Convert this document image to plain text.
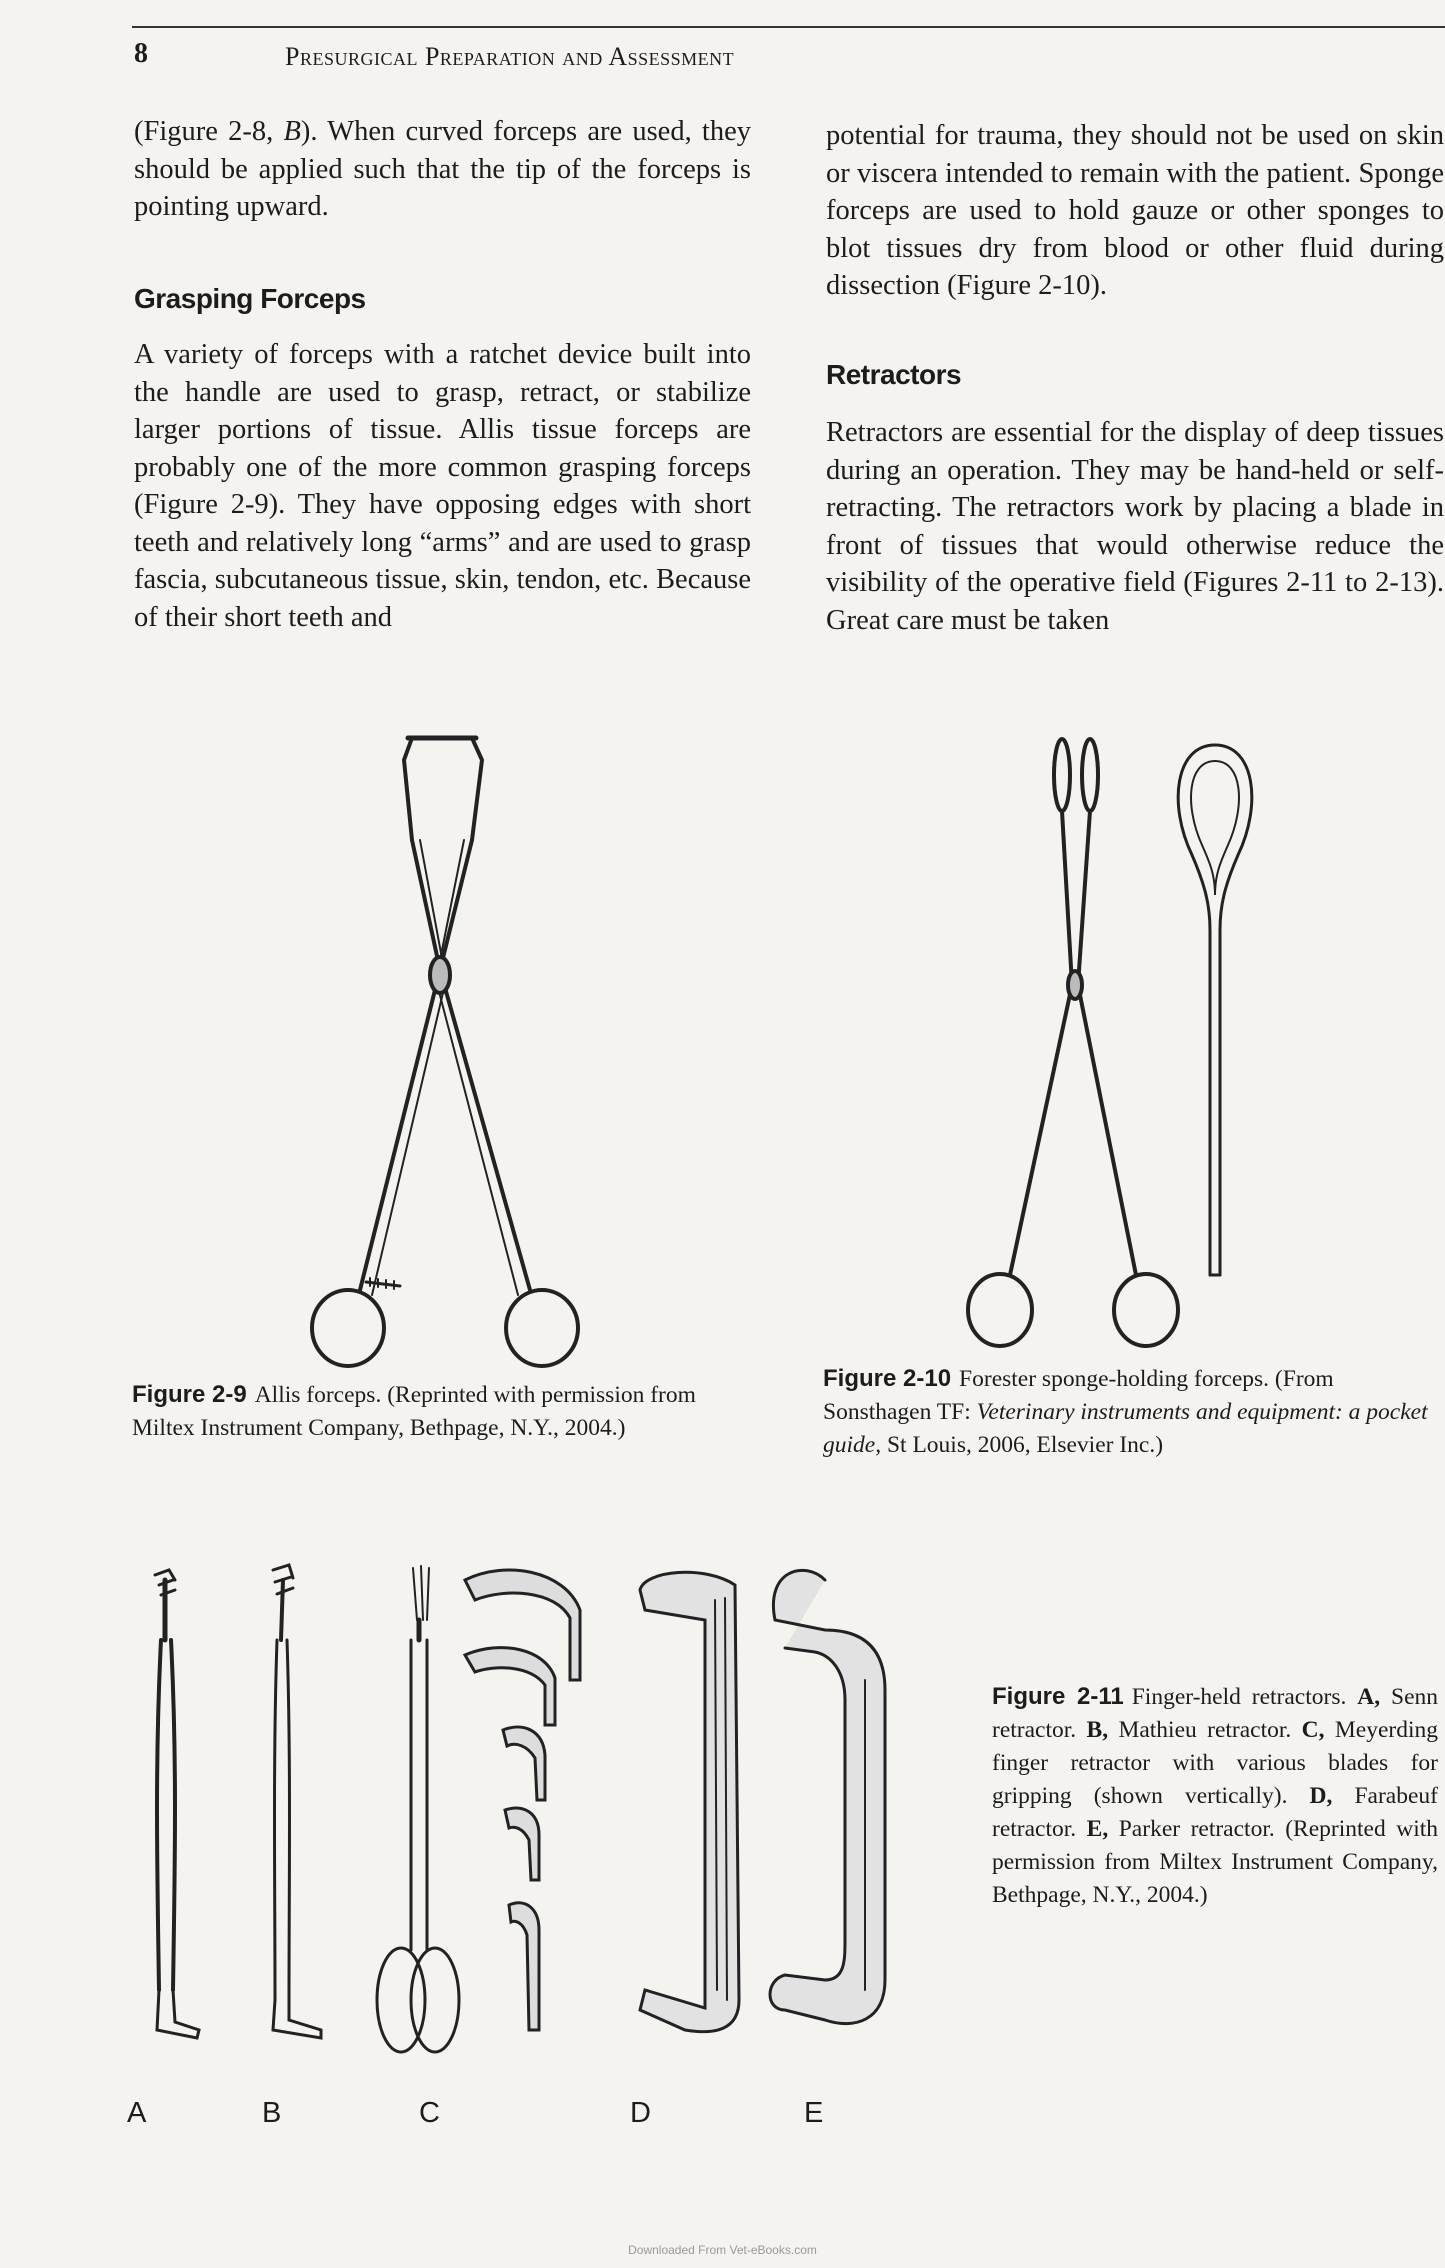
8	Presurgical Preparation and Assessment

(Figure 2-8, B). When curved forceps are used, they should be applied such that the tip of the forceps is pointing upward.

Grasping Forceps

A variety of forceps with a ratchet device built into the handle are used to grasp, retract, or stabilize larger portions of tissue. Allis tissue forceps are probably one of the more common grasping forceps (Figure 2-9). They have opposing edges with short teeth and relatively long “arms” and are used to grasp fascia, subcutaneous tissue, skin, tendon, etc. Because of their short teeth and

potential for trauma, they should not be used on skin or viscera intended to remain with the patient. Sponge forceps are used to hold gauze or other sponges to blot tissues dry from blood or other fluid during dissection (Figure 2-10).

Retractors

Retractors are essential for the display of deep tissues during an operation. They may be hand-held or self-retracting. The retractors work by placing a blade in front of tissues that would otherwise reduce the visibility of the operative field (Figures 2-11 to 2-13). Great care must be taken

Figure 2-9 Allis forceps. (Reprinted with permission from Miltex Instrument Company, Bethpage, N.Y., 2004.)
Figure 2-10 Forester sponge-holding forceps. (From Sonsthagen TF: Veterinary instruments and equipment: a pocket guide, St Louis, 2006, Elsevier Inc.)
A	B	C	D	E
Figure 2-11 Finger-held retractors. A, Senn retractor. B, Mathieu retractor. C, Meyerding finger retractor with various blades for gripping (shown vertically). D, Farabeuf retractor. E, Parker retractor. (Reprinted with permission from Miltex Instrument Company, Bethpage, N.Y., 2004.)
Downloaded From Vet-eBooks.com
